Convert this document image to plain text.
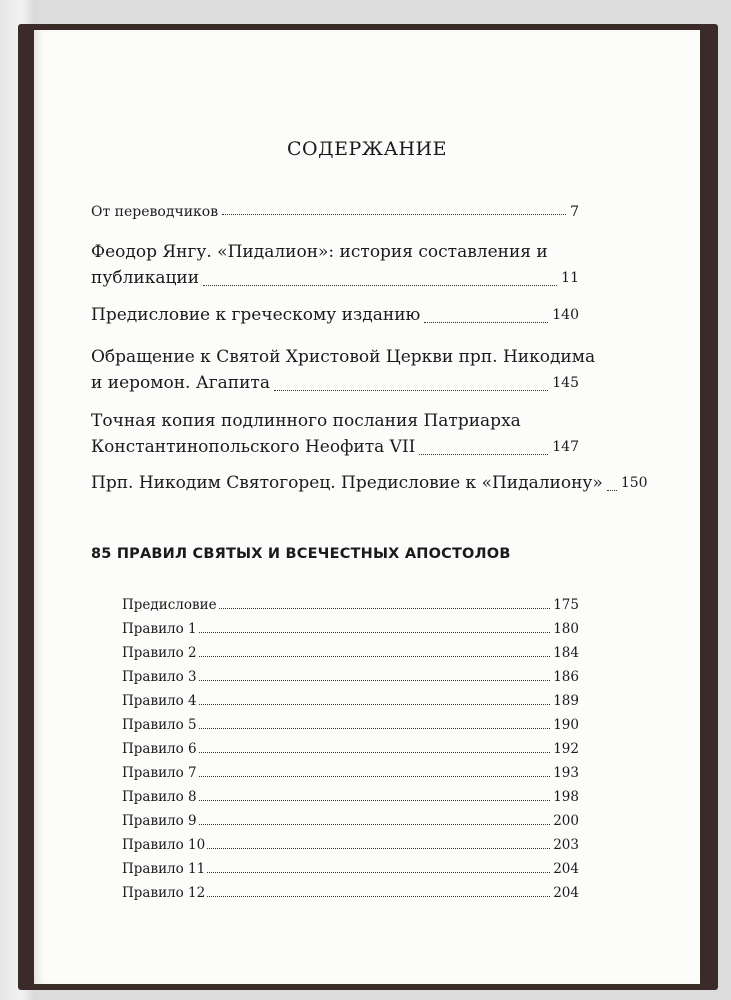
СОДЕРЖАНИЕ
От переводчиков	7
Феодор Янгу. «Пидалион»: история составления и
публикации	11
Предисловие к греческому изданию	140
Обращение к Святой Христовой Церкви прп. Никодима
и иеромон. Агапита	145
Точная копия подлинного послания Патриарха
Константинопольского Неофита VII	147
Прп. Никодим Святогорец. Предисловие к «Пидалиону» 150
85 ПРАВИЛ СВЯТЫХ И ВСЕЧЕСТНЫХ АПОСТОЛОВ
Предисловие	175
Правило 1	180
Правило 2	184
Правило 3	186
Правило 4	189
Правило 5	190
Правило 6	192
Правило 7	193
Правило 8	198
Правило 9	200
Правило 10	203
Правило 11	204
Правило 12	204
